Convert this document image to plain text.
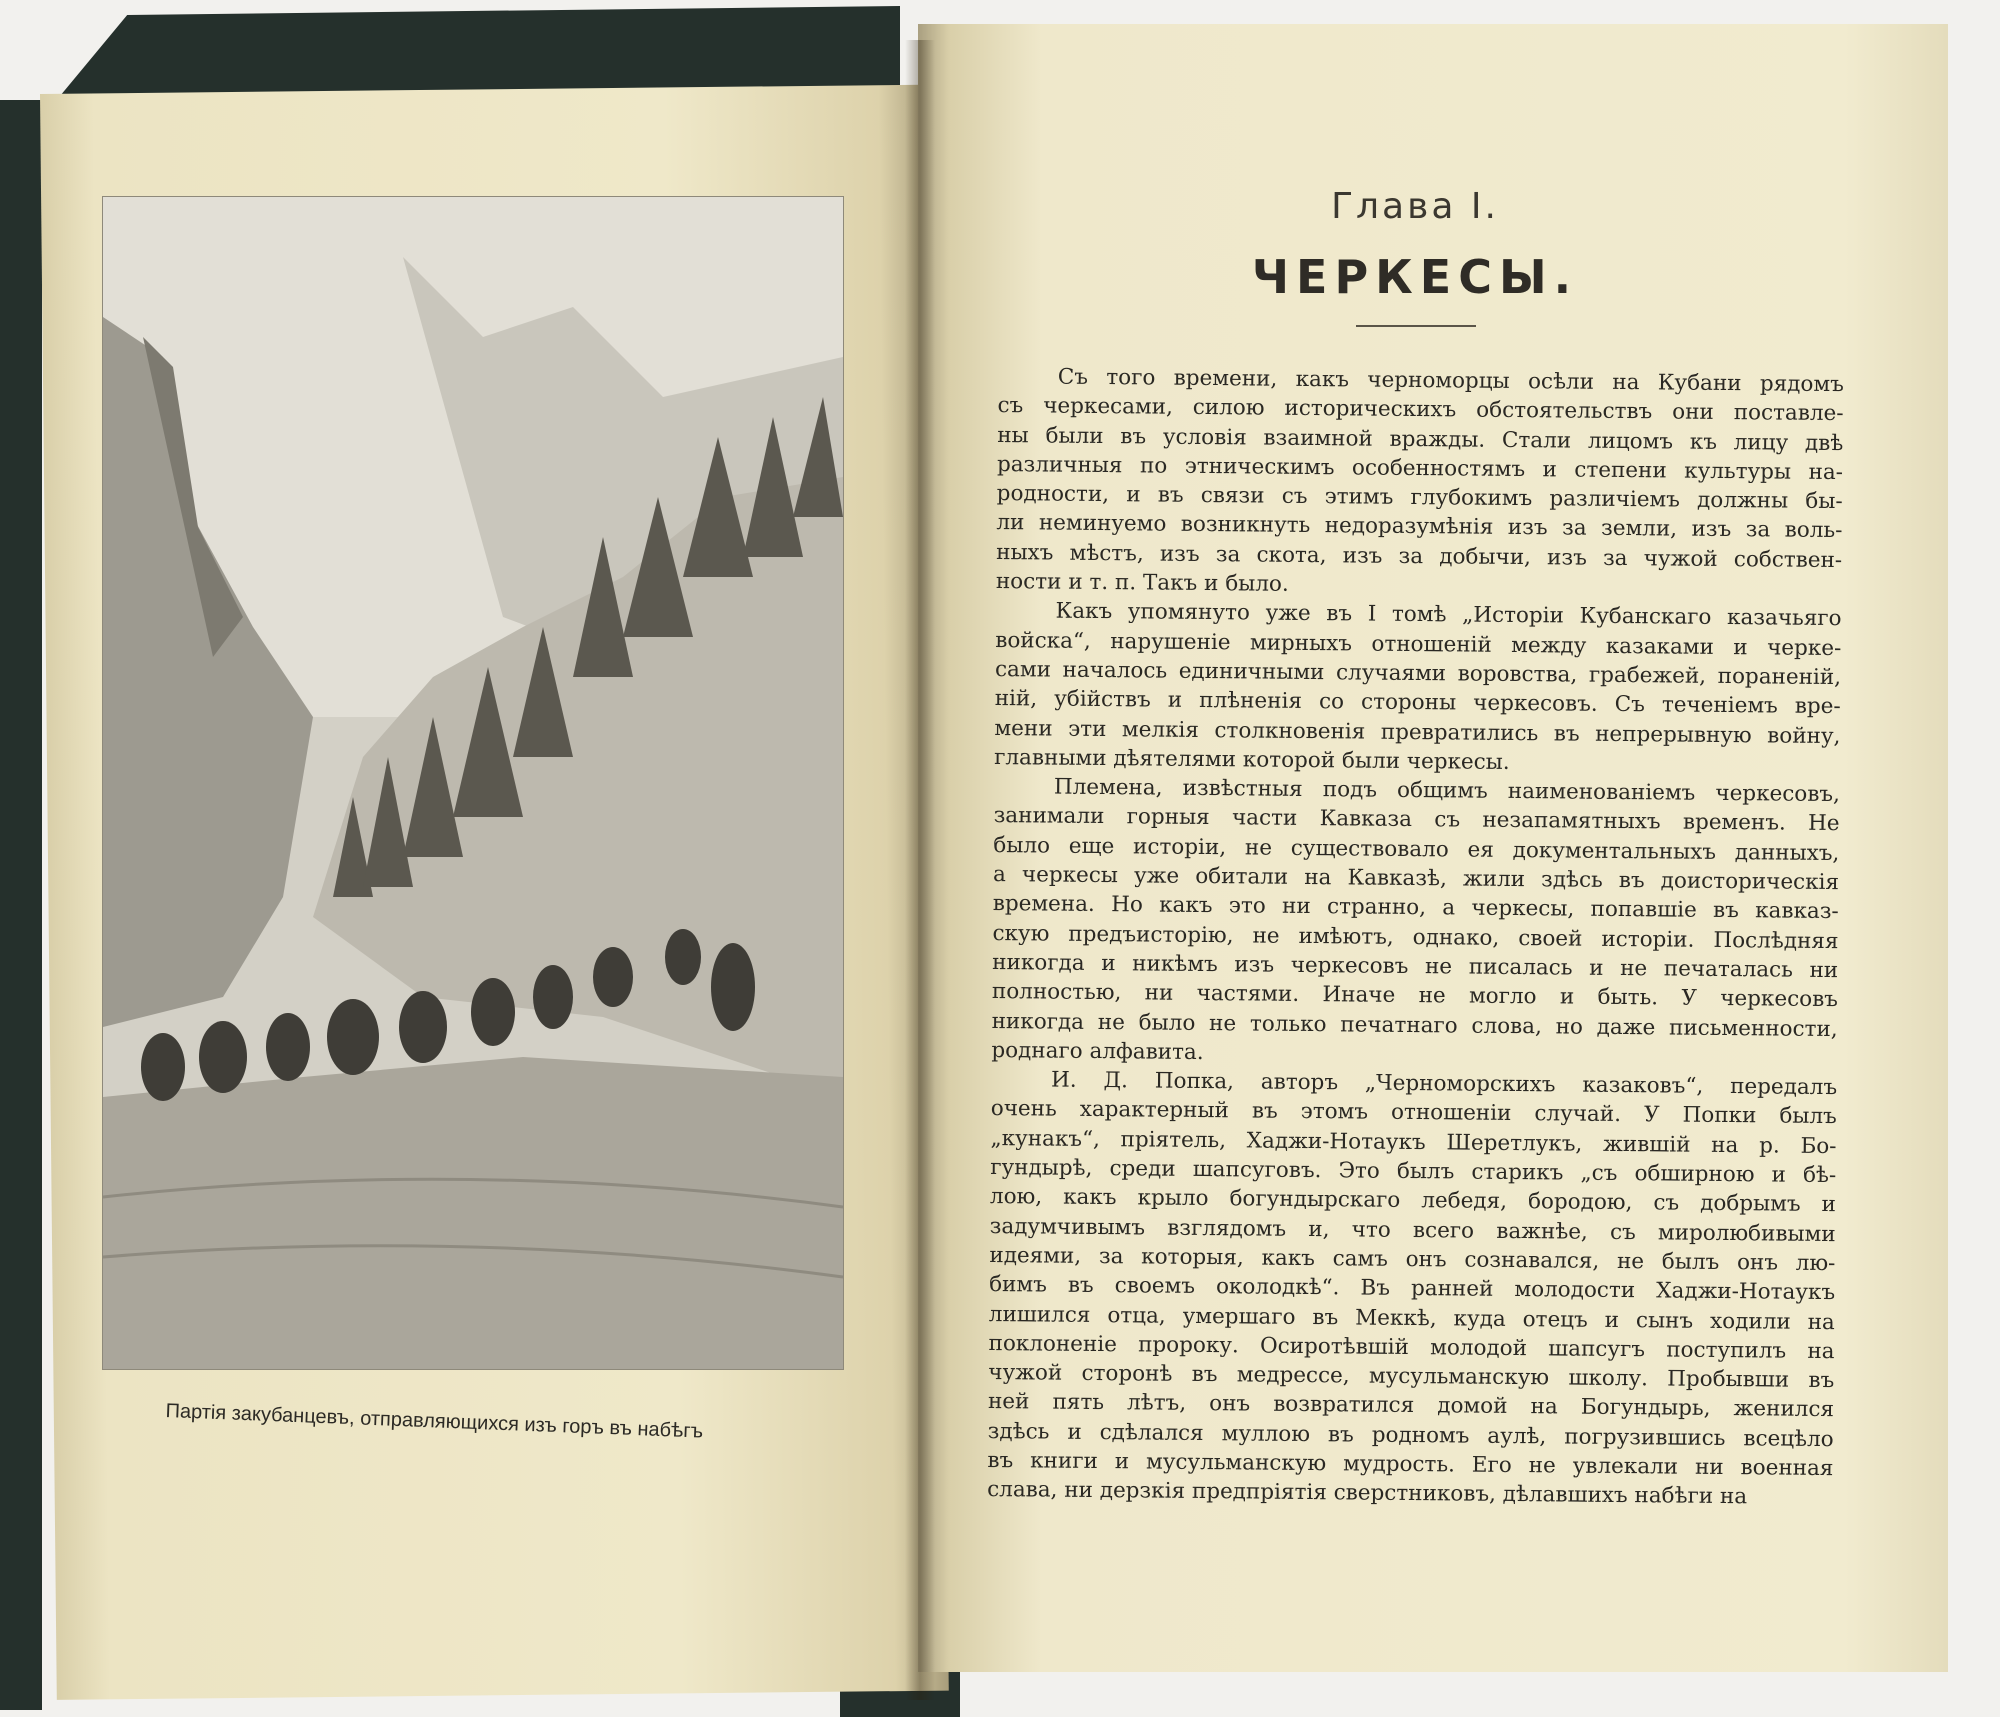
Партія закубанцевъ, отправляющихся изъ горъ въ набѣгъ
Глава I.
ЧЕРКЕСЫ.
Съ того времени, какъ черноморцы осѣли на Кубани рядомъ
съ черкесами, силою историческихъ обстоятельствъ они поставле-
ны были въ условія взаимной вражды. Стали лицомъ къ лицу двѣ
различныя по этническимъ особенностямъ и степени культуры на-
родности, и въ связи съ этимъ глубокимъ различіемъ должны бы-
ли неминуемо возникнуть недоразумѣнія изъ за земли, изъ за воль-
ныхъ мѣстъ, изъ за скота, изъ за добычи, изъ за чужой собствен-
ности и т. п. Такъ и было.
Какъ упомянуто уже въ I томѣ „Исторіи Кубанскаго казачьяго
войска“, нарушеніе мирныхъ отношеній между казаками и черке-
сами началось единичными случаями воровства, грабежей, пораненій,
ній, убійствъ и плѣненія со стороны черкесовъ. Съ теченіемъ вре-
мени эти мелкія столкновенія превратились въ непрерывную войну,
главными дѣятелями которой были черкесы.
Племена, извѣстныя подъ общимъ наименованіемъ черкесовъ,
занимали горныя части Кавказа съ незапамятныхъ временъ. Не
было еще исторіи, не существовало ея документальныхъ данныхъ,
а черкесы уже обитали на Кавказѣ, жили здѣсь въ доисторическія
времена. Но какъ это ни странно, а черкесы, попавшіе въ кавказ-
скую предъисторію, не имѣютъ, однако, своей исторіи. Послѣдняя
никогда и никѣмъ изъ черкесовъ не писалась и не печаталась ни
полностью, ни частями. Иначе не могло и быть. У черкесовъ
никогда не было не только печатнаго слова, но даже письменности,
роднаго алфавита.
И. Д. Попка, авторъ „Черноморскихъ казаковъ“, передалъ
очень характерный въ этомъ отношеніи случай. У Попки былъ
„кунакъ“, пріятель, Хаджи-Нотаукъ Шеретлукъ, жившій на р. Бо-
гундырѣ, среди шапсуговъ. Это былъ старикъ „съ обширною и бѣ-
лою, какъ крыло богундырскаго лебедя, бородою, съ добрымъ и
задумчивымъ взглядомъ и, что всего важнѣе, съ миролюбивыми
идеями, за которыя, какъ самъ онъ сознавался, не былъ онъ лю-
бимъ въ своемъ околодкѣ“. Въ ранней молодости Хаджи-Нотаукъ
лишился отца, умершаго въ Меккѣ, куда отецъ и сынъ ходили на
поклоненіе пророку. Осиротѣвшій молодой шапсугъ поступилъ на
чужой сторонѣ въ медрессе, мусульманскую школу. Пробывши въ
ней пять лѣтъ, онъ возвратился домой на Богундырь, женился
здѣсь и сдѣлался муллою въ родномъ аулѣ, погрузившись всецѣло
въ книги и мусульманскую мудрость. Его не увлекали ни военная
слава, ни дерзкія предпріятія сверстниковъ, дѣлавшихъ набѣги на
